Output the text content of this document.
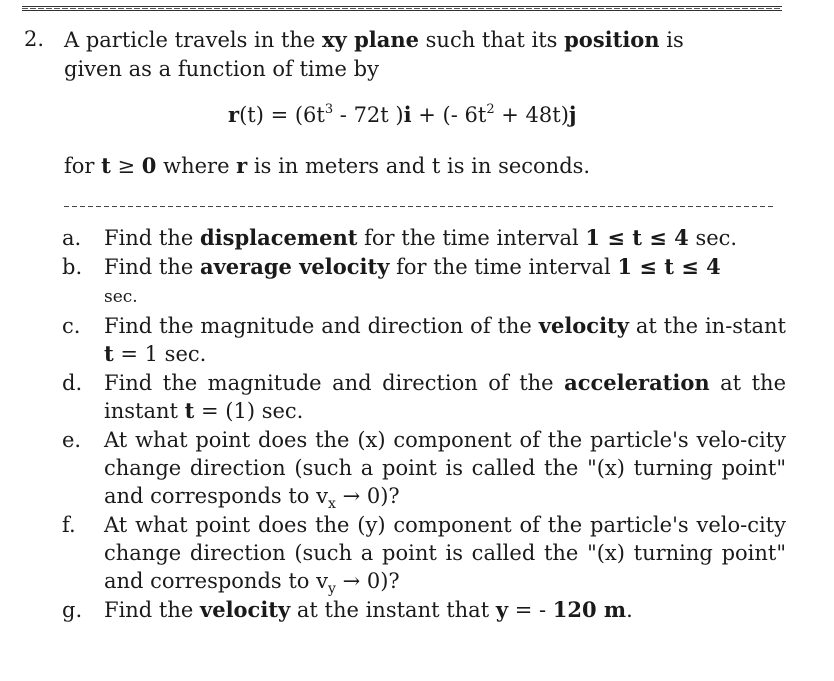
2. A particle travels in the xy plane such that its position is given as a function of time by
$r(t) = (6t^3 - 72t$ )i + (- $6t^2 + 48t)j$
for t ≥ 0 where r is in meters and t is in seconds.
a. Find the displacement for the time interval 1 ≤ t ≤ 4 sec.
b. Find the average velocity for the time interval 1 ≤ t ≤ 4
sec.
c. Find the magnitude and direction of the velocity at the in-stant t = 1 sec.
d. Find the magnitude and direction of the acceleration at the instant t = (1) sec.
e. At what point does the (x) component of the particle's velo-city change direction (such a point is called the "(x) turning point" and corresponds to $v_x \to 0$)?
f. At what point does the (y) component of the particle's velo-city change direction (such a point is called the "(x) turning point" and corresponds to $v_y \to 0$)?
g. Find the velocity at the instant that y = - 120 m.
